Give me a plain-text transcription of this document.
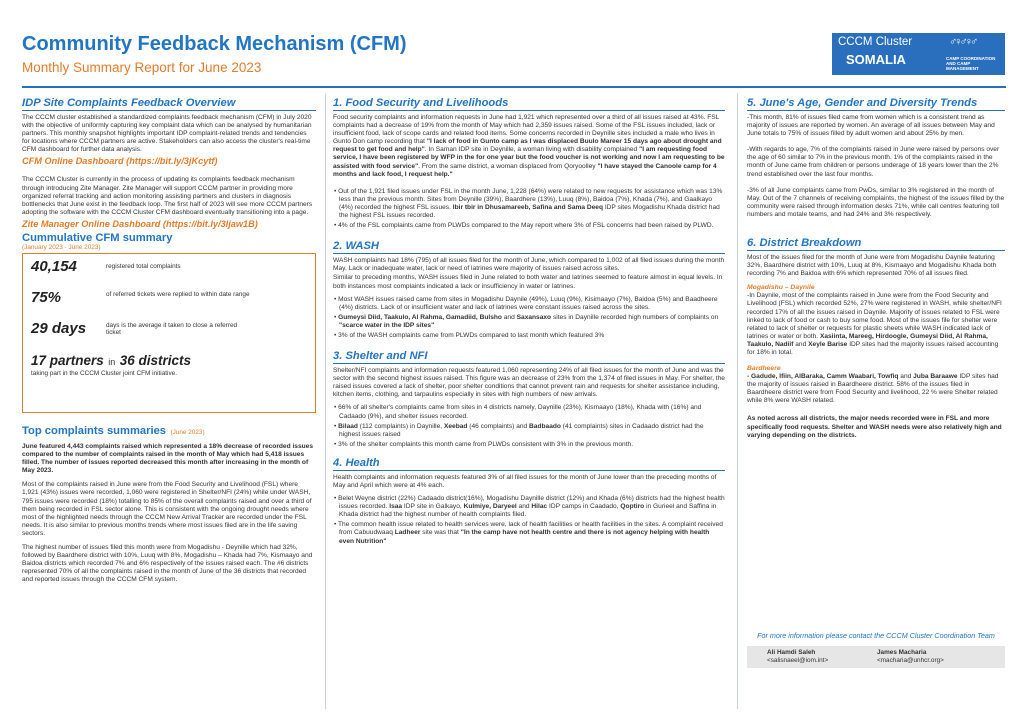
Community Feedback Mechanism (CFM)
Monthly Summary Report for June 2023
CCCM Cluster
SOMALIA
♂♀♂♀♂
CAMP COORDINATION AND CAMP MANAGEMENT
IDP Site Complaints Feedback Overview

The CCCM cluster established a standardized complaints feedback mechanism (CFM) in July 2020 with the objective of uniformly capturing key complaint data which can be analysed by humanitarian partners. This monthly snapshot highlights important IDP complaint-related trends and tendencies for locations where CCCM partners are active. Stakeholders can also access the cluster's real-time CFM dashboard for further data analysis.

CFM Online Dashboard (https://bit.ly/3jKcytf)

The CCCM Cluster is currently in the process of updating its complaints feedback mechanism through introducing Zite Manager. Zite Manager will support CCCM partner in providing more organized referral tracking and action monitoring assisting partners and clusters in diagnosis bottlenecks that June exist in the feedback loop. The first half of 2023 will see more CCCM partners adopting the software with the CCCM Cluster CFM dashboard eventually transitioning into a page.

Zite Manager Online Dashboard (https://bit.ly/3Ijaw1B)

Cummulative CFM summary
(January 2023 - June 2023)
40,154	registered total complaints
75%	of referred tickets were replied to within date range
29 days	days is the average it taken to close a referred ticket
17 partners in 36 districts
taking part in the CCCM Cluster joint CFM initiative.
Top complaints summaries (June 2023)

June featured 4,443 complaints raised which represented a 18% decrease of recorded issues compared to the number of complaints raised in the month of May which had 5,418 issues filled. The number of issues reported decreased this month after increasing in the month of May 2023.

Most of the complaints raised in June were from the Food Security and Livelihood (FSL) where 1,921 (43%) issues were recorded, 1,060 were registered in Shelter/NFI (24%) while under WASH, 795 issues were recorded (18%) totalling to 85% of the overall complaints raised and over a third of them being recorded in FSL sector alone. This is consistent with the ongoing drought needs where most of the highlighted needs through the CCCM New Arrival Tracker are recorded under the FSL needs. It is also similar to previous months trends where most issues filed are in the life saving sectors.

The highest number of issues filed this month were from Mogadishu - Deynille which had 32%, followed by Baardhere district with 10%, Luuq with 8%, Mogadishu – Khada had 7%, Kismaayo and Baidoa districts which recorded 7% and 6% respectively of the issues raised each. The #6 districts represented 70% of all the complaints raised in the month of June of the 36 districts that recorded and reported issues through the CCCM CFM system.

1. Food Security and Livelihoods

Food security complaints and information requests in June had 1,921 which represented over a third of all issues raised at 43%. FSL complaints had a decrease of 19% from the month of May which had 2,359 issues raised. Some of the FSL issues included, lack or insufficient food, lack of scope cards and related food items. Some concerns recorded in Deynille sites included a male who lives in Gunto Don camp recording that "I lack of food in Gunto camp as I was displaced Buulo Mareer 15 days ago about drought and request to get food and help". In Saman IDP site in Deynille, a woman living with disability complained "I am requesting food service, I have been registered by WFP in the for one year but the food voucher is not working and now I am requesting to be assisted with food service". From the same district, a woman displaced from Qoryoolley "I have stayed the Canoole camp for 4 months and lack food, I request help."

• Out of the 1,921 filed issues under FSL in the month June, 1,228 (64%) were related to new requests for assistance which was 13% less than the previous month. Sites from Deynille (39%), Baardhere (13%), Luuq (8%), Baidoa (7%), Khada (7%), and Gaalkayo (4%) recorded the highest FSL issues. Ibir tbir in Dhusamareeb, Safina and Sama Deeq IDP sites Mogadishu Khada district had the highest FSL issues recorded.

• 4% of the FSL complaints came from PLWDs compared to the May report where 3% of FSL concerns had been raised by PLWD.

2. WASH

WASH complaints had 18% (795) of all issues filed for the month of June, which compared to 1,002 of all filed issues during the month May. Lack or inadequate water, lack or need of latrines were majority of issues raised across sites.

Similar to preceding months, WASH issues filed in June related to both water and latrines seemed to feature almost in equal levels. In both instances most complaints indicated a lack or insufficiency in water or latrines.

• Most WASH issues raised came from sites in Mogadishu Daynile (49%), Luuq (9%), Kisimaayo (7%), Baidoa (5%) and Baadheere (4%) districts. Lack of or insufficient water and lack of latrines were constant issues raised across the sites.

• Gumeysi Diid, Taakulo, Al Rahma, Gamadiid, Bulsho and Saxansaxo sites in Daynille recorded high numbers of complaints on "scarce water in the IDP sites"

• 3% of the WASH complaints came from PLWDs compared to last month which featured 3%

3. Shelter and NFI

Shelter/NFI complaints and information requests featured 1,060 representing 24% of all filed issues for the month of June and was the sector with the second highest issues raised. This figure was an decrease of 23% from the 1,374 of filed issues in May. For shelter, the raised issues covered a lack of shelter, poor shelter conditions that cannot prevent rain and requests for shelter assistance including, kitchen items, clothing, and tarpaulins especially in sites with high numbers of new arrivals.

• 66% of all shelter's complaints came from sites in 4 districts namely, Daynille (23%), Kismaayo (18%), Khada with (16%) and Cadaado (9%), and shelter issues recorded.

• Bilaad (112 complaints) in Daynille, Xeebad (46 complaints) and Badbaado (41 complaints) sites in Cadaado district had the highest issues raised

• 3% of the shelter complaints this month came from PLWDs consistent with 3% in the previous month.

4. Health

Health complaints and information requests featured 3% of all filed issues for the month of June lower than the preceding months of May and April which were at 4% each.

• Belet Weyne district (22%) Cadaado district(16%), Mogadishu Daynille district (12%) and Khada (6%) districts had the highest health issues recorded. Isaa IDP site in Galkayo, Kulmiye, Daryeel and Hilac IDP camps in Caadado, Qoptiro in Gurieel and Saffina in Khada district had the highest number of health complaints filed.

• The common health issue related to health services were, lack of health facilities or health facilities in the sites. A complaint received from Cabuudwaaq Ladheer site was that "In the camp have not health centre and there is not agency helping with health even Nutrition"

5. June's Age, Gender and Diversity Trends

-This month, 81% of issues filed came from women which is a consistent trend as majority of issues are reported by women. An average of all issues between May and June totals to 75% of issues filled by adult women and about 25% by men.

-With regards to age, 7% of the complaints raised in June were raised by persons over the age of 60 similar to 7% in the previous month. 1% of the complaints raised in the month of June came from children or persons underage of 18 years lower than the 2% trend established over the last four months.

-3% of all June complaints came from PwDs, similar to 3% registered in the month of May. Out of the 7 channels of receiving complaints, the highest of the issues filled by the community were raised through information desks 71%, while call centres featuring toll numbers and motale teams, and had 24% and 3% respectively.

6. District Breakdown

Most of the issues filed for the month of June were from Mogadishu Daynile featuring 32%, Baardhere district with 10%, Luuq at 8%, Kismaayo and Mogadishu Khada both recording 7% and Baidoa with 6% which represented 70% of all issues filed.

Mogadishu – Daynile

-In Daynile, most of the complaints raised in June were from the Food Security and Livelihood (FSL) which recorded 52%, 27% were registered in WASH, while shelter/NFI recorded 17% of all the issues raised in Daynile. Majority of issues related to FSL were linked to lack of food or cash to buy some food. Most of the issues file for shelter were related to lack of shelter or requests for plastic sheets while WASH indicated lack of latrines or water or both. Xasiinta, Mareeg, Hirdoogle, Gumeysi Diid, Al Rahma, Taakulo, Nadiif and Xeyle Barise IDP sites had the majority issues raised accounting for 18% in total.

Bardheere

- Gadude, Ifiin, AlBaraka, Camm Waabari, Towfiq and Juba Baraawe IDP sites had the majority of issues raised in Baardheere district. 58% of the issues filed in Baardheere district were from Food Security and livelihood, 22 % were Shelter related while 8% were WASH related.

As noted across all districts, the major needs recorded were in FSL and more specifically food requests. Shelter and WASH needs were also relatively high and varying depending on the districts.

For more information please contact the CCCM Cluster Coordination Team
Ali Hamdi Saleh
<salisnaeel@iom.int>
James Macharia
<macharia@unhcr.org>
